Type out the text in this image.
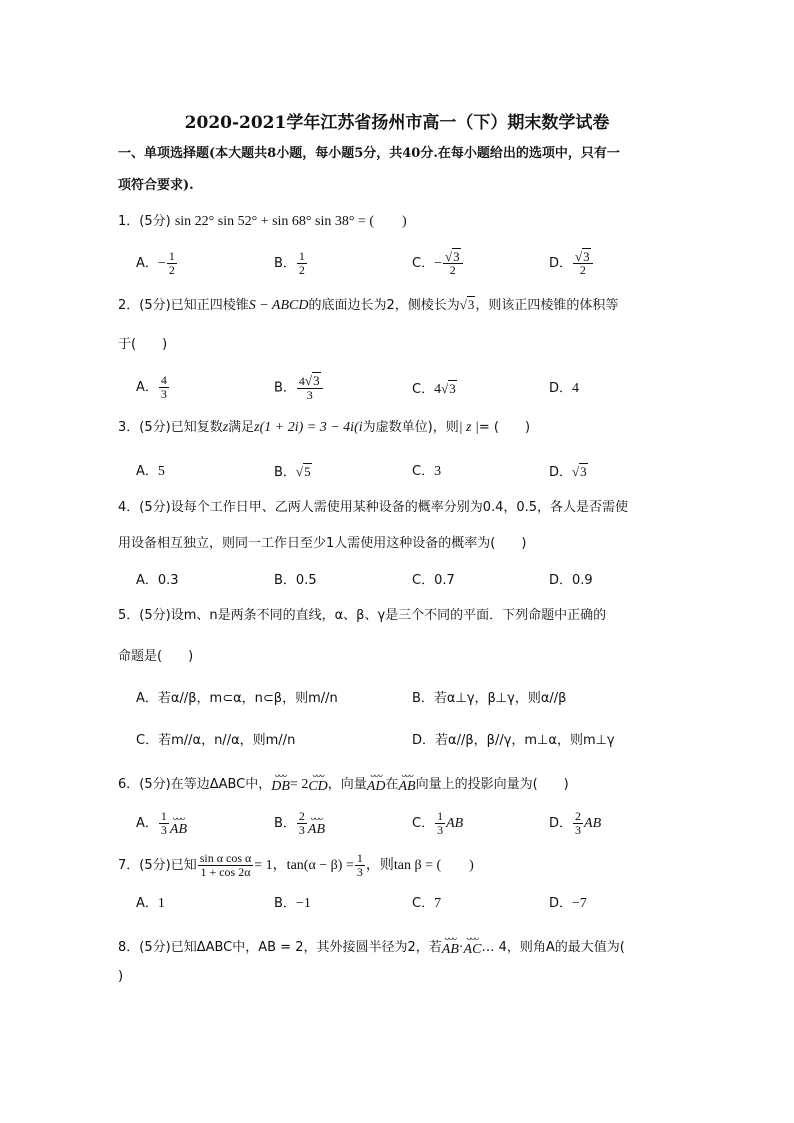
2020-2021学年江苏省扬州市高一（下）期末数学试卷
一、单项选择题(本大题共8小题，每小题5分，共40分.在每小题给出的选项中，只有一
项符合要求).
1．(5分) sin 22° sin 52° + sin 68° sin 38° = (　　)
A．− $\frac{1}{2}$	B． $\frac{1}{2}$	C．− $\frac{√3}{2}$	D． $\frac{√3}{2}$
2．(5分)已知正四棱锥S − ABCD的底面边长为2，侧棱长为√3，则该正四棱锥的体积等
于(　　)
A． $\frac{4}{3}$	B． $\frac{4√3}{3}$	C．4√3	D．4
3．(5分)已知复数z满足z(1 + 2i) = 3 − 4i(i为虚数单位)，则| z |= (　　)
A．5	B．√5	C．3	D．√3
4．(5分)设每个工作日甲、乙两人需使用某种设备的概率分别为0.4，0.5，各人是否需使
用设备相互独立，则同一工作日至少1人需使用这种设备的概率为(　　)
A．0.3	B．0.5	C．0.7	D．0.9
5．(5分)设m、n是两条不同的直线，α、β、γ是三个不同的平面．下列命题中正确的
命题是(　　)
A．若α//β，m⊂α，n⊂β，则m//n	B．若α⊥γ，β⊥γ，则α//β
C．若m//α，n//α，则m//n	D．若α//β，β//γ，m⊥α，则m⊥γ
6．(5分)在等边ΔABC中，
ᴗᴗᴗ
DB = 2
ᴗᴗᴗ
CD ，向量
ᴗᴗᴗ
AD 在
ᴗᴗᴗ
AB 向量上的投影向量为(　　)
A． $\frac{1}{3}$ ᴗᴗᴗ
AB	B． $\frac{2}{3}$ ᴗᴗᴗ
AB	C． $\frac{1}{3}$ AB	D． $\frac{2}{3}$ AB
7．(5分)已知 $\frac{\text{sin α cos α}}{1 + \cos 2\alpha} = 1$，$\tan(\alpha - \beta) = \frac{1}{3}$ ，则tan β = (　　)
A．1	B．−1	C．7	D．−7
8．(5分)已知ΔABC中，AB = 2，其外接圆半径为2，若
ᴗᴗᴗ
AB ·
ᴗᴗᴗ
AC … 4，则角A的最大值为(
)
